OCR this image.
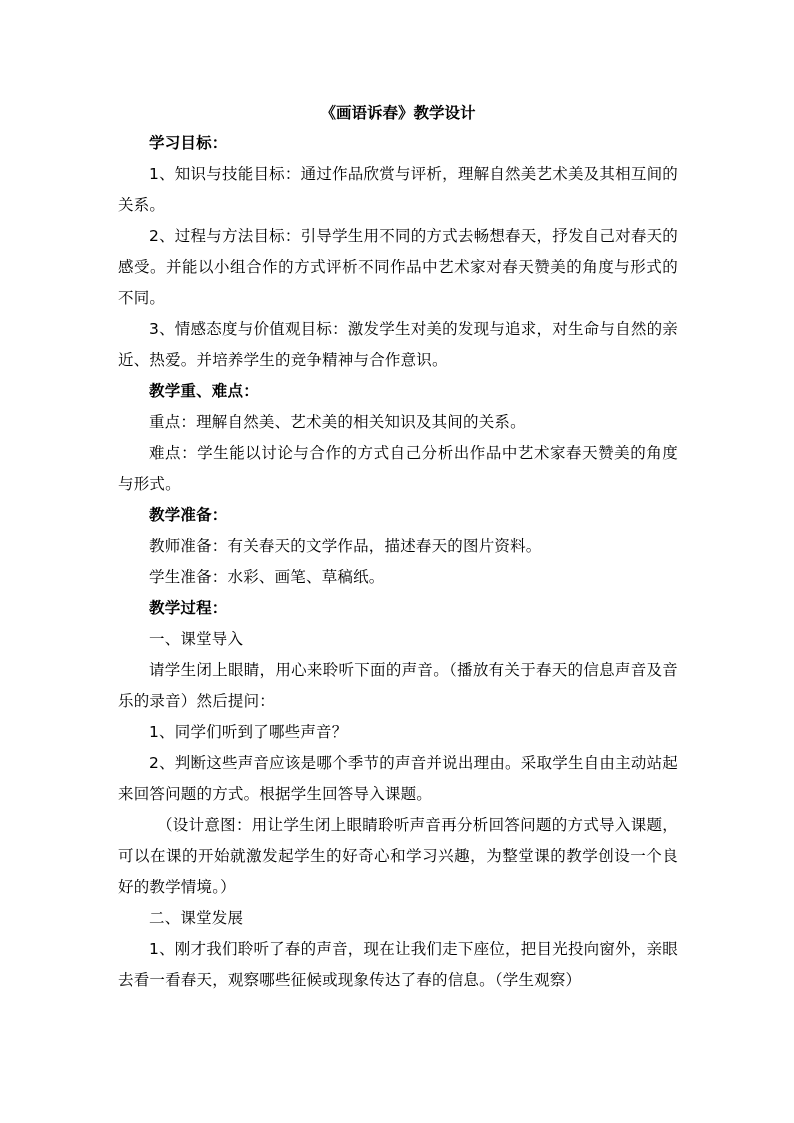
《画语诉春》教学设计

学习目标：

1、知识与技能目标：通过作品欣赏与评析，理解自然美艺术美及其相互间的关系。

2、过程与方法目标：引导学生用不同的方式去畅想春天，抒发自己对春天的感受。并能以小组合作的方式评析不同作品中艺术家对春天赞美的角度与形式的不同。

3、情感态度与价值观目标：激发学生对美的发现与追求，对生命与自然的亲近、热爱。并培养学生的竞争精神与合作意识。

教学重、难点：

重点：理解自然美、艺术美的相关知识及其间的关系。

难点：学生能以讨论与合作的方式自己分析出作品中艺术家春天赞美的角度与形式。

教学准备：

教师准备：有关春天的文学作品，描述春天的图片资料。

学生准备：水彩、画笔、草稿纸。

教学过程：

一、课堂导入

请学生闭上眼睛，用心来聆听下面的声音。（播放有关于春天的信息声音及音乐的录音）然后提问：

1、同学们听到了哪些声音？

2、判断这些声音应该是哪个季节的声音并说出理由。采取学生自由主动站起来回答问题的方式。根据学生回答导入课题。

（设计意图：用让学生闭上眼睛聆听声音再分析回答问题的方式导入课题，可以在课的开始就激发起学生的好奇心和学习兴趣，为整堂课的教学创设一个良好的教学情境。）

二、课堂发展

1、刚才我们聆听了春的声音，现在让我们走下座位，把目光投向窗外，亲眼去看一看春天，观察哪些征候或现象传达了春的信息。（学生观察）
